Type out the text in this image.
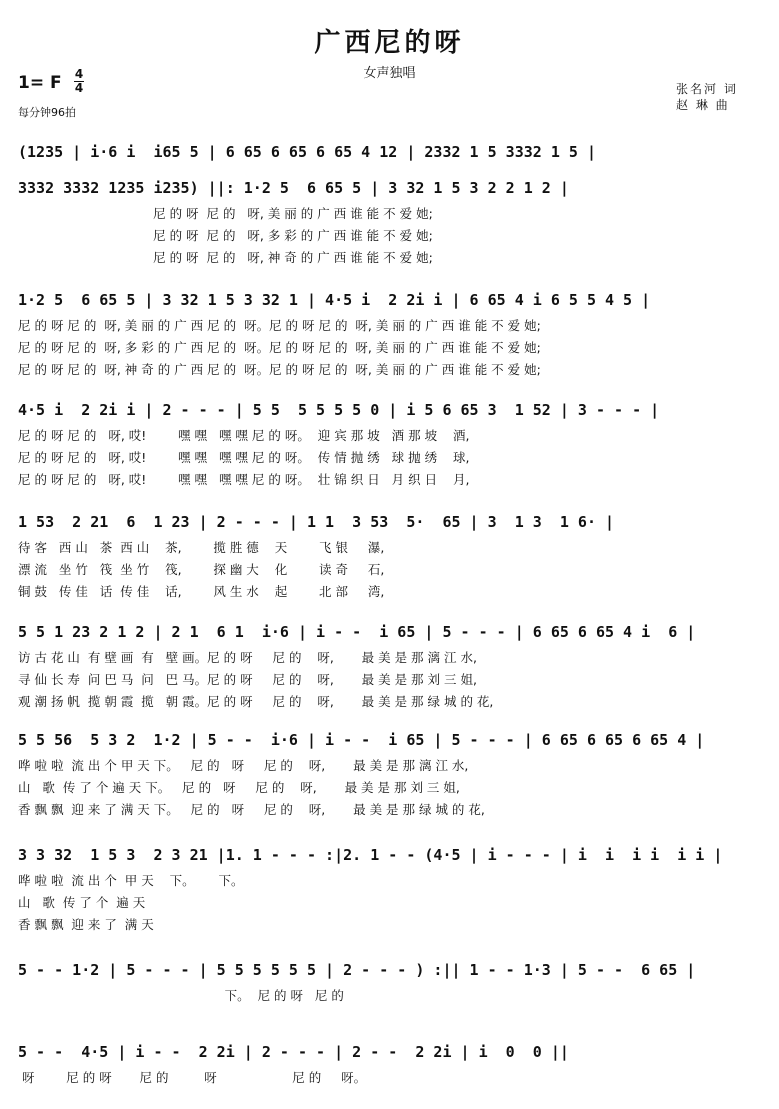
广西尼的呀
女声独唱
1= F 4
4
每分钟96拍
张名河 词
赵 琳 曲
(1235 | i·6 i  i65 5 | 6 65 6 65 6 65 4 12 | 2332 1 5 3332 1 5 |
3332 3332 1235 i235) ||: 1·2 5  6 65 5 | 3 32 1 5 3 2 2 1 2 |
尼 的 呀  尼 的   呀, 美 丽 的 广 西 谁 能 不 爱 她;
尼 的 呀  尼 的   呀, 多 彩 的 广 西 谁 能 不 爱 她;
尼 的 呀  尼 的   呀, 神 奇 的 广 西 谁 能 不 爱 她;
1·2 5  6 65 5 | 3 32 1 5 3 32 1 | 4·5 i  2 2i i | 6 65 4 i 6 5 5 4 5 |
尼 的 呀 尼 的  呀, 美 丽 的 广 西 尼 的  呀。尼 的 呀 尼 的  呀, 美 丽 的 广 西 谁 能 不 爱 她;
尼 的 呀 尼 的  呀, 多 彩 的 广 西 尼 的  呀。尼 的 呀 尼 的  呀, 美 丽 的 广 西 谁 能 不 爱 她;
尼 的 呀 尼 的  呀, 神 奇 的 广 西 尼 的  呀。尼 的 呀 尼 的  呀, 美 丽 的 广 西 谁 能 不 爱 她;
4·5 i  2 2i i | 2 - - - | 5 5  5 5 5 5 0 | i 5 6 65 3  1 52 | 3 - - - |
尼 的 呀 尼 的   呀, 哎!        嘿 嘿   嘿 嘿 尼 的 呀。  迎 宾 那 坡   酒 那 坡    酒,
尼 的 呀 尼 的   呀, 哎!        嘿 嘿   嘿 嘿 尼 的 呀。  传 情 抛 绣   球 抛 绣    球,
尼 的 呀 尼 的   呀, 哎!        嘿 嘿   嘿 嘿 尼 的 呀。  壮 锦 织 日   月 织 日    月,
1 53  2 21  6  1 23 | 2 - - - | 1 1  3 53  5·  65 | 3  1 3  1 6· |
待 客   西 山   茶  西 山    茶,        揽 胜 德    天        飞 银     瀑,
漂 流   坐 竹   筏  坐 竹    筏,        探 幽 大    化        读 奇     石,
铜 鼓   传 佳   话  传 佳    话,        风 生 水    起        北 部     湾,
5 5 1 23 2 1 2 | 2 1  6 1  i·6 | i - -  i 65 | 5 - - - | 6 65 6 65 4 i  6 |
访 古 花 山  有 壁 画  有   壁 画。尼 的 呀     尼 的    呀,       最 美 是 那 漓 江 水,
寻 仙 长 寿  问 巴 马  问   巴 马。尼 的 呀     尼 的    呀,       最 美 是 那 刘 三 姐,
观 潮 扬 帆  揽 朝 霞  揽   朝 霞。尼 的 呀     尼 的    呀,       最 美 是 那 绿 城 的 花,
5 5 56  5 3 2  1·2 | 5 - -  i·6 | i - -  i 65 | 5 - - - | 6 65 6 65 6 65 4 |
哗 啦 啦  流 出 个 甲 天 下。   尼 的   呀     尼 的    呀,       最 美 是 那 漓 江 水,
山   歌  传 了 个 遍 天 下。   尼 的   呀     尼 的    呀,       最 美 是 那 刘 三 姐,
香 飘 飘  迎 来 了 满 天 下。   尼 的   呀     尼 的    呀,       最 美 是 那 绿 城 的 花,
3 3 32  1 5 3  2 3 21 |1. 1 - - - :|2. 1 - - (4·5 | i - - - | i  i  i i  i i |
哗 啦 啦  流 出 个  甲 天    下。      下。
山   歌  传 了 个  遍 天
香 飘 飘  迎 来 了  满 天
5 - - 1·2 | 5 - - - | 5 5 5 5 5 5 | 2 - - - ) :|| 1 - - 1·3 | 5 - -  6 65 |
下。  尼 的 呀   尼 的
5 - -  4·5 | i - -  2 2i | 2 - - - | 2 - -  2 2i | i  0  0 ||
呀        尼 的 呀       尼 的         呀                   尼 的     呀。
